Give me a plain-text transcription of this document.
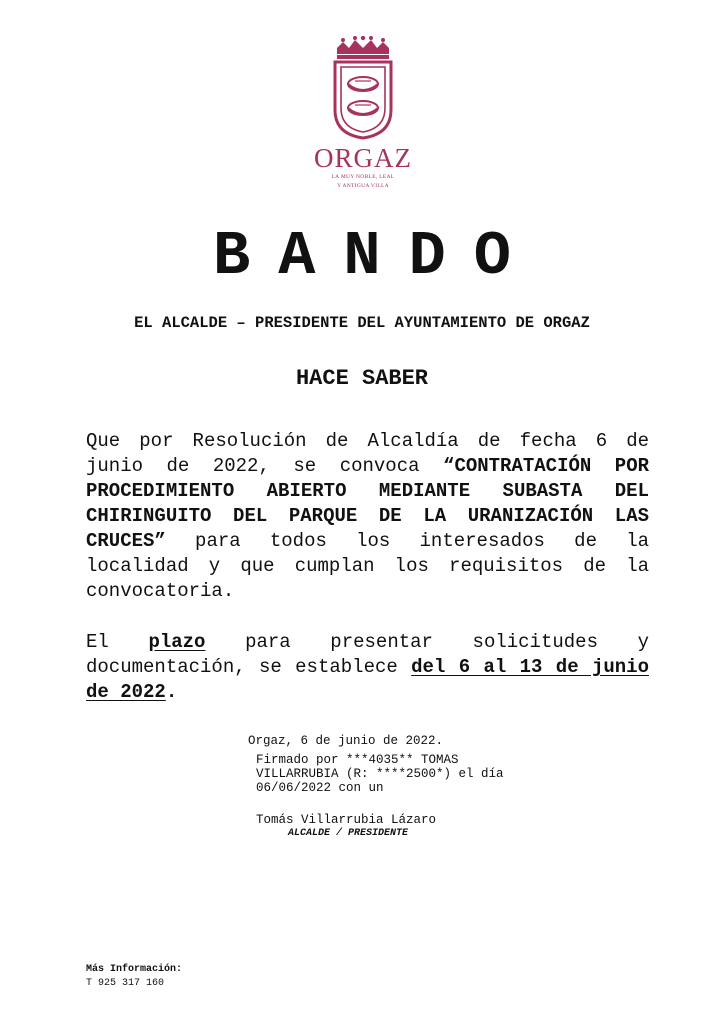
ORGAZ
LA MUY NOBLE, LEAL
Y ANTIGUA VILLA
BANDO
EL ALCALDE – PRESIDENTE DEL AYUNTAMIENTO DE ORGAZ
HACE SABER
Que por Resolución de Alcaldía de fecha 6 de junio de 2022, se convoca “CONTRATACIÓN POR PROCEDIMIENTO ABIERTO MEDIANTE SUBASTA DEL CHIRINGUITO DEL PARQUE DE LA URANIZACIÓN LAS CRUCES” para todos los interesados de la localidad y que cumplan los requisitos de la convocatoria.
El plazo para presentar solicitudes y documentación, se establece del 6 al 13 de junio de 2022.
Orgaz, 6 de junio de 2022.
Firmado por ***4035** TOMAS VILLARRUBIA (R: ****2500*) el día 06/06/2022 con un
Tomás Villarrubia Lázaro
ALCALDE / PRESIDENTE
Más Información:
T 925 317 160
